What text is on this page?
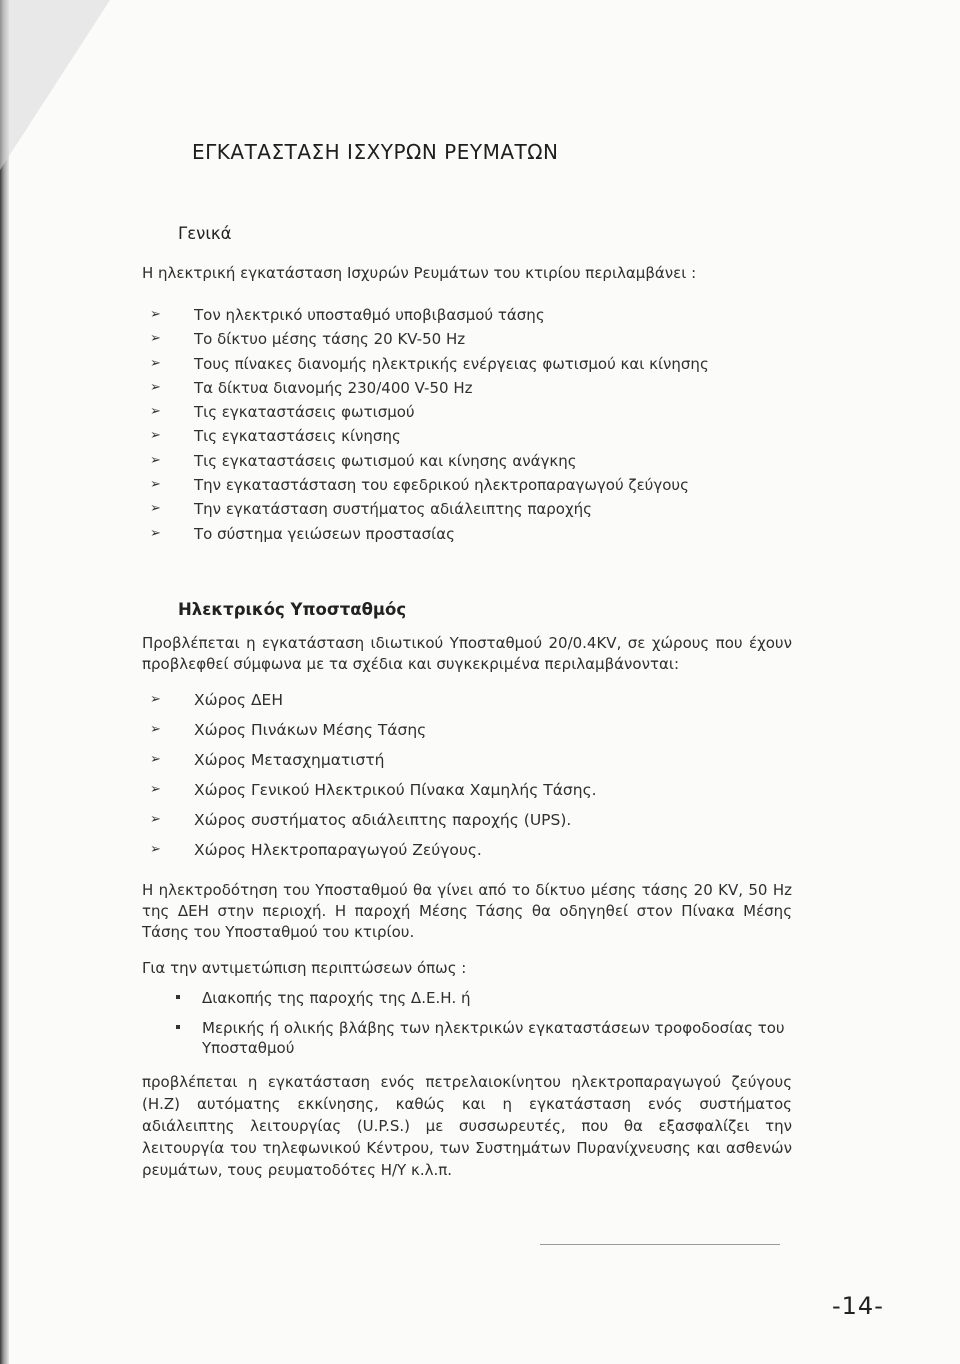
ΕΓΚΑΤΑΣΤΑΣΗ ΙΣΧΥΡΩΝ ΡΕΥΜΑΤΩΝ
Γενικά

Η ηλεκτρική εγκατάσταση Ισχυρών Ρευμάτων του κτιρίου περιλαμβάνει :

➢ Τον ηλεκτρικό υποσταθμό υποβιβασμού τάσης
➢ Το δίκτυο μέσης τάσης 20 KV-50 Hz
➢ Τους πίνακες διανομής ηλεκτρικής ενέργειας φωτισμού και κίνησης
➢ Τα δίκτυα διανομής 230/400 V-50 Hz
➢ Τις εγκαταστάσεις φωτισμού
➢ Τις εγκαταστάσεις κίνησης
➢ Τις εγκαταστάσεις φωτισμού και κίνησης ανάγκης
➢ Την εγκαταστάσταση του εφεδρικού ηλεκτροπαραγωγού ζεύγους
➢ Την εγκατάσταση συστήματος αδιάλειπτης παροχής
➢ Το σύστημα γειώσεων προστασίας
Ηλεκτρικός Υποσταθμός

Προβλέπεται η εγκατάσταση ιδιωτικού Υποσταθμού 20/0.4KV, σε χώρους που έχουν προβλεφθεί σύμφωνα με τα σχέδια και συγκεκριμένα περιλαμβάνονται:

➢ Χώρος ΔΕΗ
➢ Χώρος Πινάκων Μέσης Τάσης
➢ Χώρος Μετασχηματιστή
➢ Χώρος Γενικού Ηλεκτρικού Πίνακα Χαμηλής Τάσης.
➢ Χώρος συστήματος αδιάλειπτης παροχής (UPS).
➢ Χώρος Ηλεκτροπαραγωγού Ζεύγους.

Η ηλεκτροδότηση του Υποσταθμού θα γίνει από το δίκτυο μέσης τάσης 20 KV, 50 Hz της ΔΕΗ στην περιοχή. Η παροχή Μέσης Τάσης θα οδηγηθεί στον Πίνακα Μέσης Τάσης του Υποσταθμού του κτιρίου.

Για την αντιμετώπιση περιπτώσεων όπως :

Διακοπής της παροχής της Δ.Ε.Η. ή
Μερικής ή ολικής βλάβης των ηλεκτρικών εγκαταστάσεων τροφοδοσίας του Υποσταθμού

προβλέπεται η εγκατάσταση ενός πετρελαιοκίνητου ηλεκτροπαραγωγού ζεύγους (Η.Ζ) αυτόματης εκκίνησης, καθώς και η εγκατάσταση ενός συστήματος αδιάλειπτης λειτουργίας (U.P.S.) με συσσωρευτές, που θα εξασφαλίζει την λειτουργία του τηλεφωνικού Κέντρου, των Συστημάτων Πυρανίχνευσης και ασθενών ρευμάτων, τους ρευματοδότες Η/Υ κ.λ.π.

-14-
